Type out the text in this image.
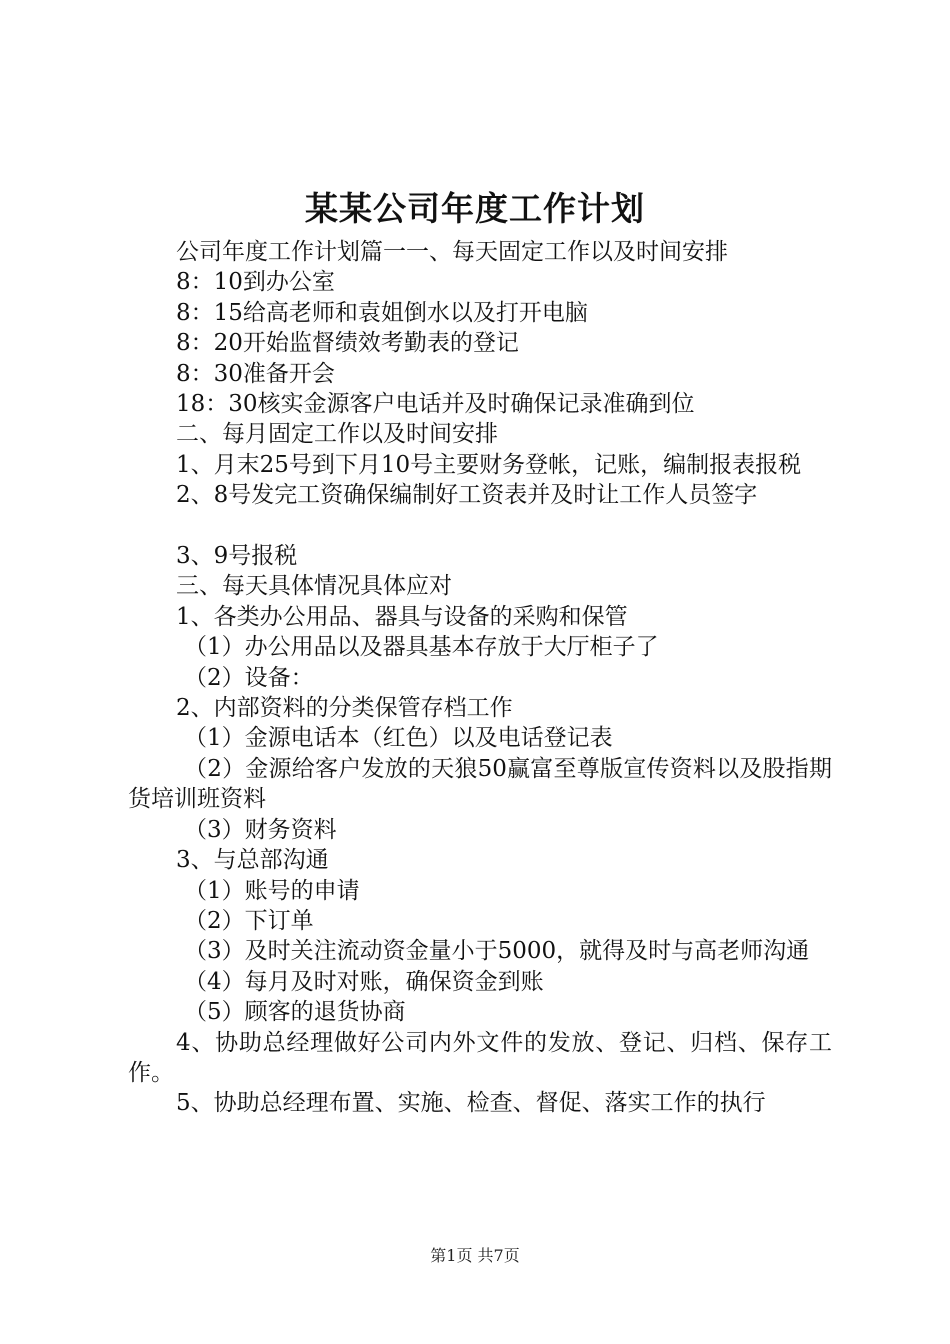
某某公司年度工作计划

公司年度工作计划篇一一、每天固定工作以及时间安排

8：10到办公室

8：15给高老师和袁姐倒水以及打开电脑

8：20开始监督绩效考勤表的登记

8：30准备开会

18：30核实金源客户电话并及时确保记录准确到位

二、每月固定工作以及时间安排

1、月末25号到下月10号主要财务登帐，记账，编制报表报税

2、8号发完工资确保编制好工资表并及时让工作人员签字

3、9号报税

三、每天具体情况具体应对

1、各类办公用品、器具与设备的采购和保管

（1）办公用品以及器具基本存放于大厅柜子了

（2）设备：

2、内部资料的分类保管存档工作

（1）金源电话本（红色）以及电话登记表

（2）金源给客户发放的天狼50赢富至尊版宣传资料以及股指期货培训班资料

（3）财务资料

3、与总部沟通

（1）账号的申请

（2）下订单

（3）及时关注流动资金量小于5000，就得及时与高老师沟通

（4）每月及时对账，确保资金到账

（5）顾客的退货协商

4、协助总经理做好公司内外文件的发放、登记、归档、保存工作。

5、协助总经理布置、实施、检查、督促、落实工作的执行

第1页 共7页
